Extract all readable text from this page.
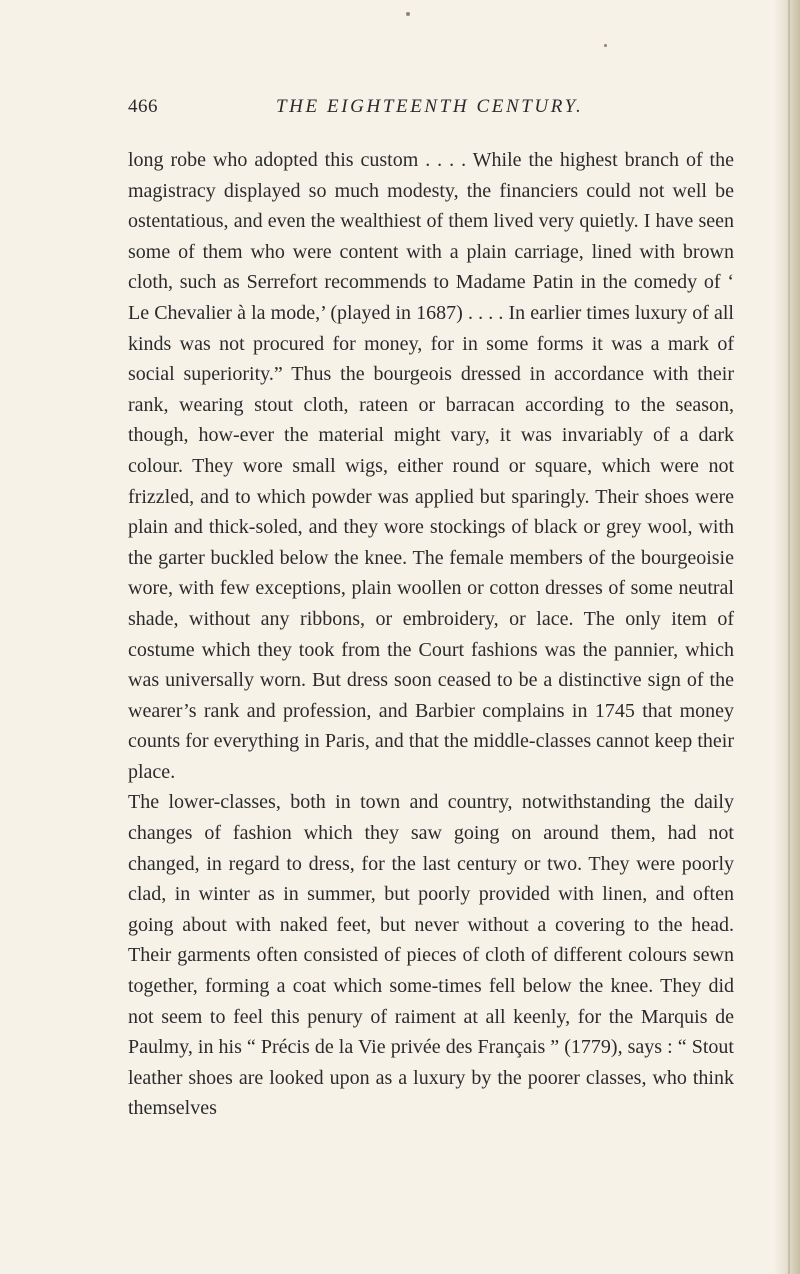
466	THE EIGHTEENTH CENTURY.

long robe who adopted this custom . . . . While the highest branch of the magistracy displayed so much modesty, the financiers could not well be ostentatious, and even the wealthiest of them lived very quietly. I have seen some of them who were content with a plain carriage, lined with brown cloth, such as Serrefort recommends to Madame Patin in the comedy of ‘ Le Chevalier à la mode,’ (played in 1687) . . . . In earlier times luxury of all kinds was not procured for money, for in some forms it was a mark of social superiority.” Thus the bourgeois dressed in accordance with their rank, wearing stout cloth, rateen or barracan according to the season, though, how-ever the material might vary, it was invariably of a dark colour. They wore small wigs, either round or square, which were not frizzled, and to which powder was applied but sparingly. Their shoes were plain and thick-soled, and they wore stockings of black or grey wool, with the garter buckled below the knee. The female members of the bourgeoisie wore, with few exceptions, plain woollen or cotton dresses of some neutral shade, without any ribbons, or embroidery, or lace. The only item of costume which they took from the Court fashions was the pannier, which was universally worn. But dress soon ceased to be a distinctive sign of the wearer’s rank and profession, and Barbier complains in 1745 that money counts for everything in Paris, and that the middle-classes cannot keep their place.

The lower-classes, both in town and country, notwithstanding the daily changes of fashion which they saw going on around them, had not changed, in regard to dress, for the last century or two. They were poorly clad, in winter as in summer, but poorly provided with linen, and often going about with naked feet, but never without a covering to the head. Their garments often consisted of pieces of cloth of different colours sewn together, forming a coat which some-times fell below the knee. They did not seem to feel this penury of raiment at all keenly, for the Marquis de Paulmy, in his “ Précis de la Vie privée des Français ” (1779), says : “ Stout leather shoes are looked upon as a luxury by the poorer classes, who think themselves
